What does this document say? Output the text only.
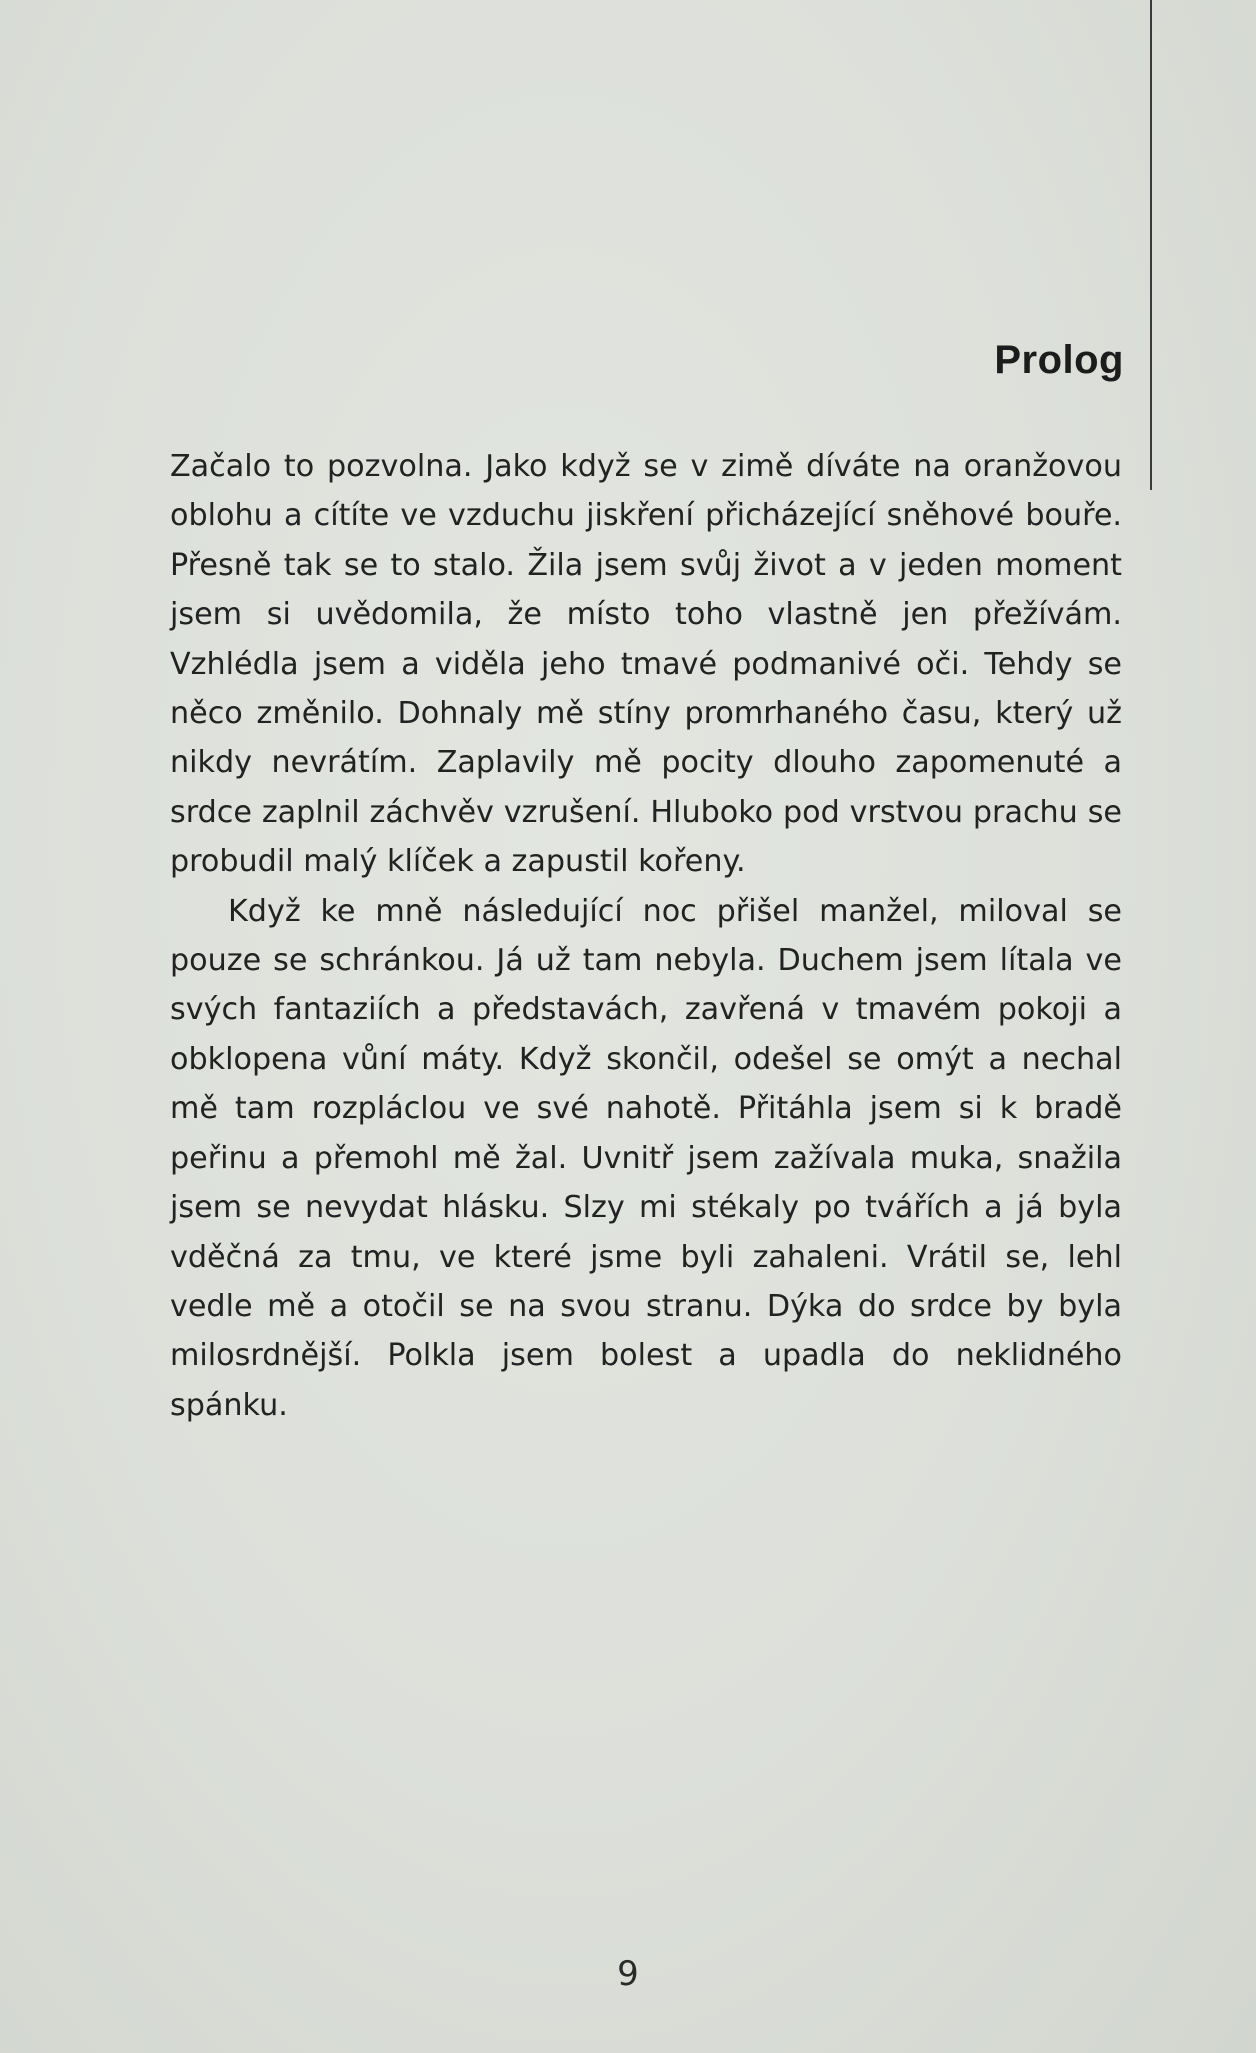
Prolog

Začalo to pozvolna. Jako když se v zimě díváte na oranžovou oblohu a cítíte ve vzduchu jiskření přicházející sněhové bouře. Přesně tak se to stalo. Žila jsem svůj život a v jeden moment jsem si uvědomila, že místo toho vlastně jen přežívám. Vzhlédla jsem a viděla jeho tmavé podmanivé oči. Tehdy se něco změnilo. Dohnaly mě stíny promrhaného času, který už nikdy nevrátím. Zaplavily mě pocity dlouho zapomenuté a srdce zaplnil záchvěv vzrušení. Hluboko pod vrstvou prachu se probudil malý klíček a zapustil kořeny.

Když ke mně následující noc přišel manžel, miloval se pouze se schránkou. Já už tam nebyla. Duchem jsem lítala ve svých fantaziích a představách, zavřená v tmavém pokoji a obklopena vůní máty. Když skončil, odešel se omýt a nechal mě tam rozpláclou ve své nahotě. Přitáhla jsem si k bradě peřinu a přemohl mě žal. Uvnitř jsem zažívala muka, snažila jsem se nevydat hlásku. Slzy mi stékaly po tvářích a já byla vděčná za tmu, ve které jsme byli zahaleni. Vrátil se, lehl vedle mě a otočil se na svou stranu. Dýka do srdce by byla milosrdnější. Polkla jsem bolest a upadla do neklidného spánku.

9
